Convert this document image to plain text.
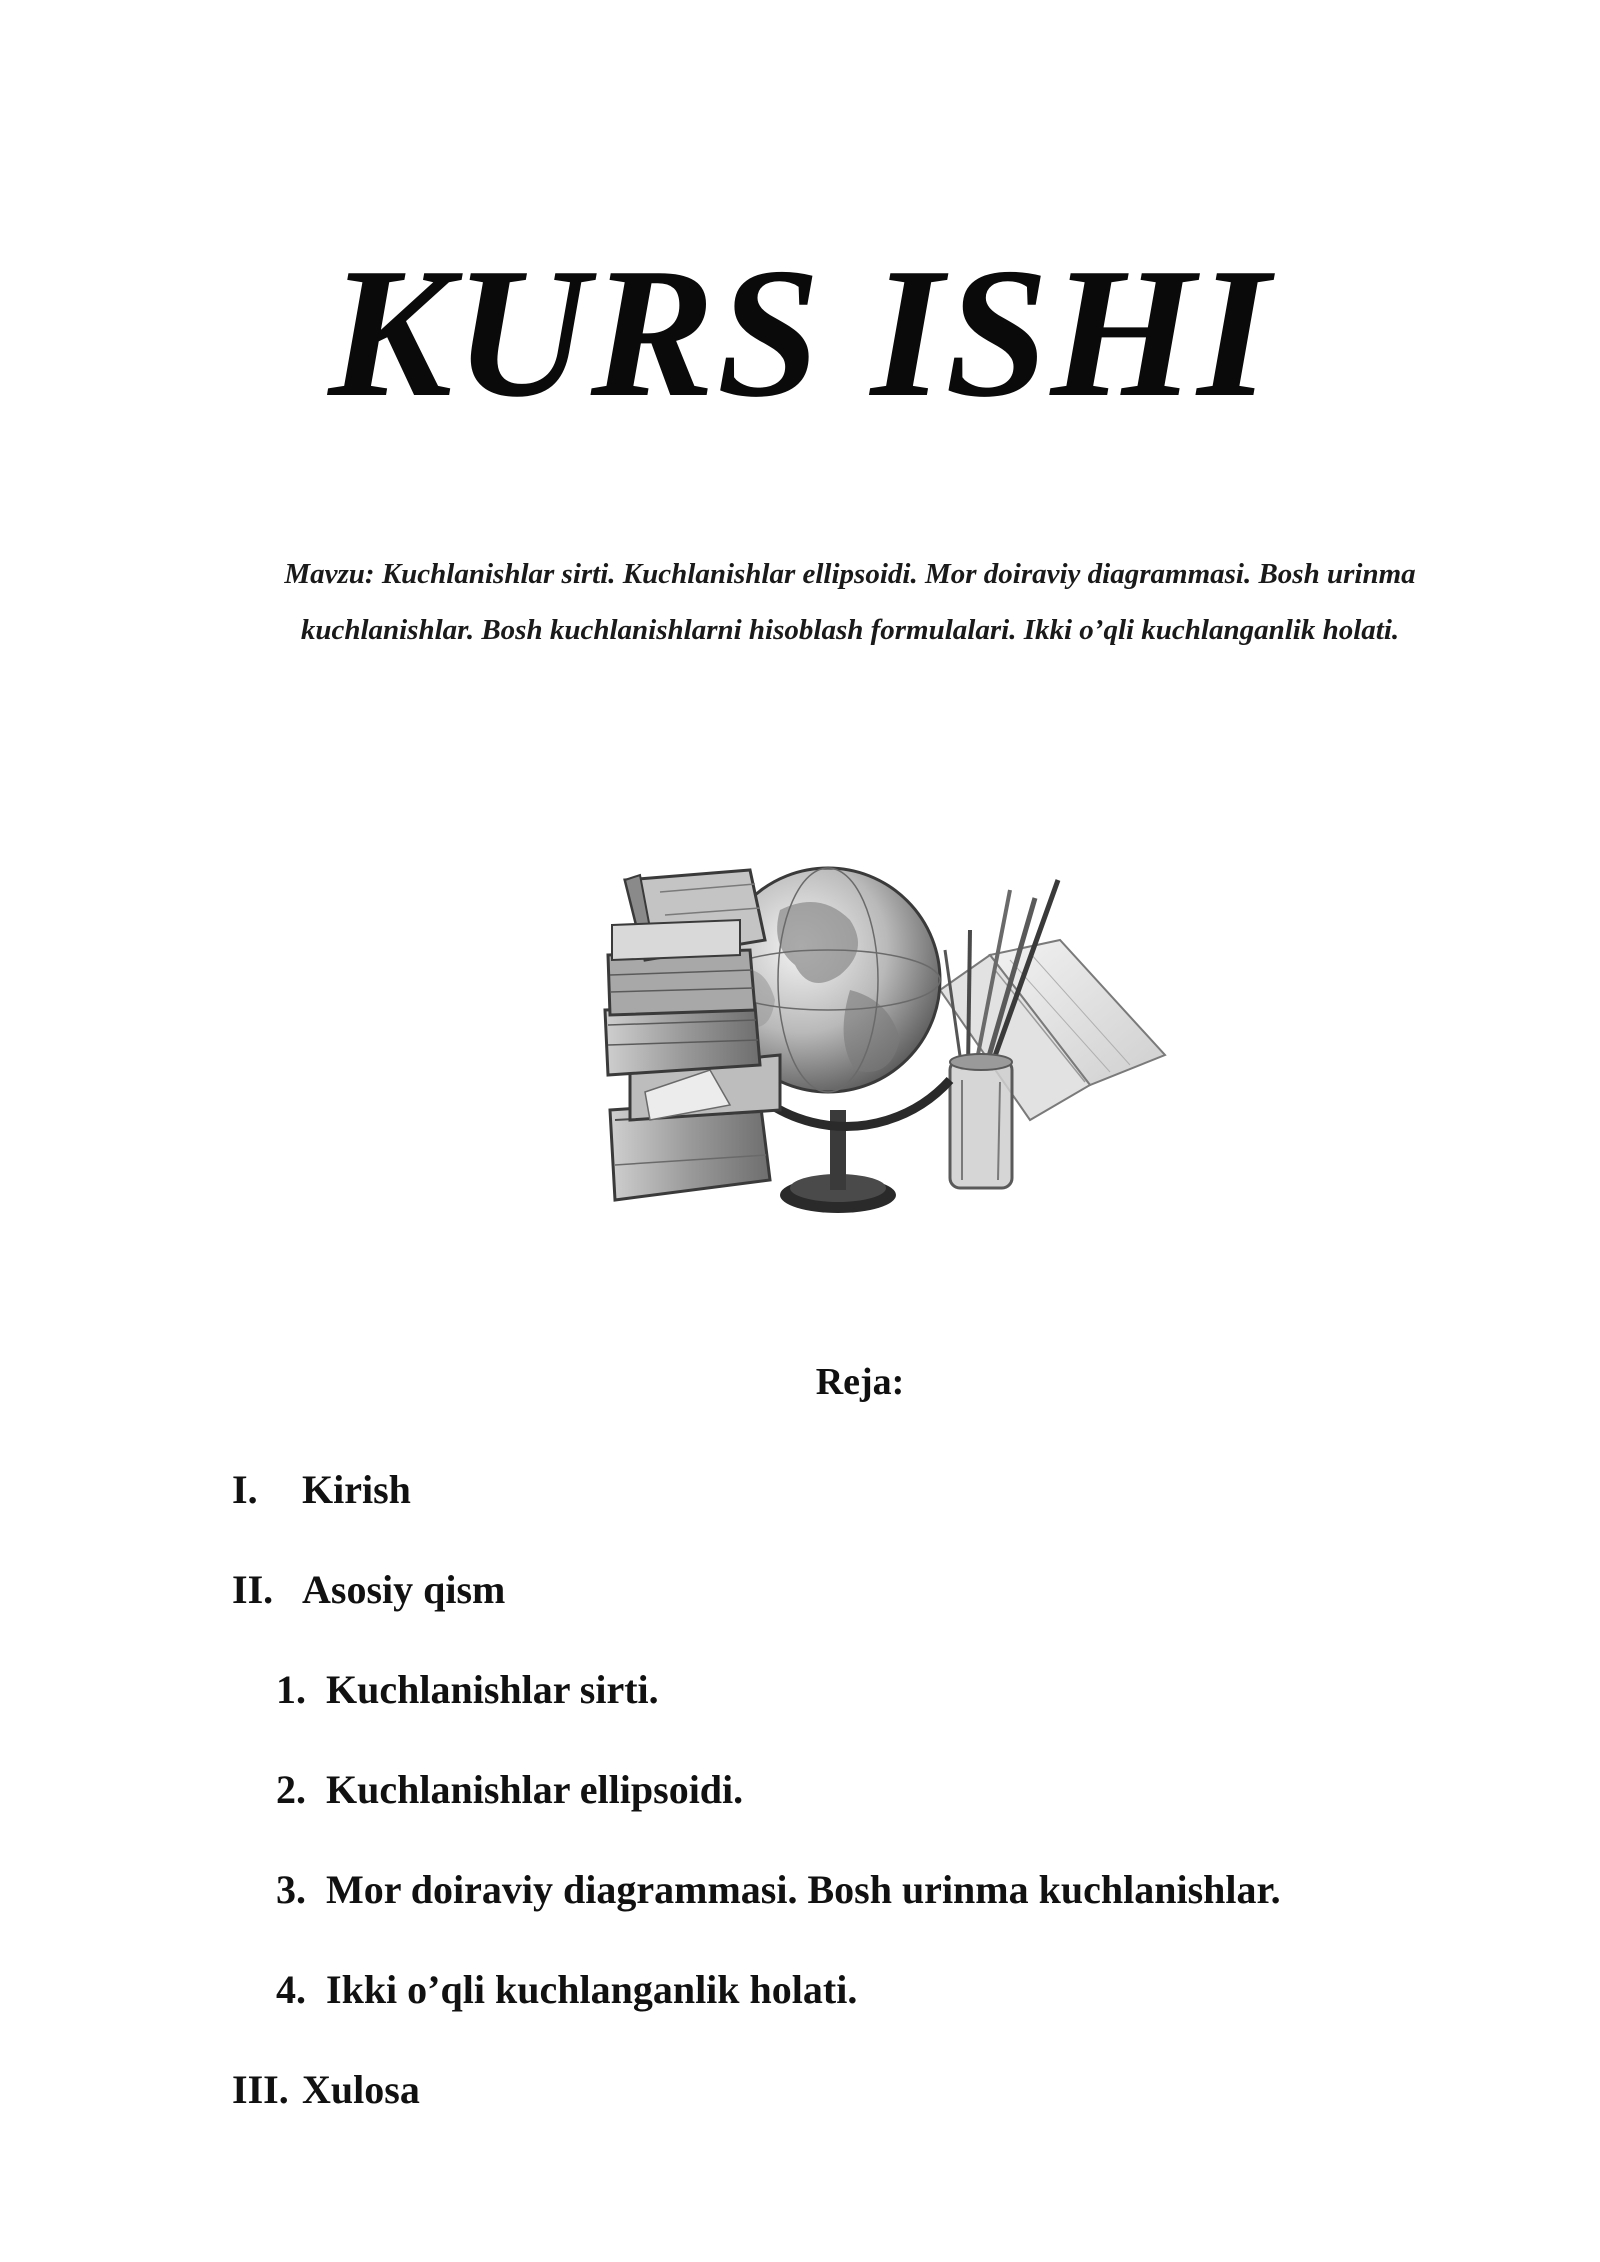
KURS ISHI
Mavzu: Kuchlanishlar sirti. Kuchlanishlar ellipsoidi. Mor doiraviy diagrammasi. Bosh urinma kuchlanishlar. Bosh kuchlanishlarni hisoblash formulalari. Ikki o’qli kuchlanganlik holati.
Reja:
I. Kirish
II. Asosiy qism
1. Kuchlanishlar sirti.
2. Kuchlanishlar ellipsoidi.
3. Mor doiraviy diagrammasi. Bosh urinma kuchlanishlar.
4. Ikki o’qli kuchlanganlik holati.
III. Xulosa
